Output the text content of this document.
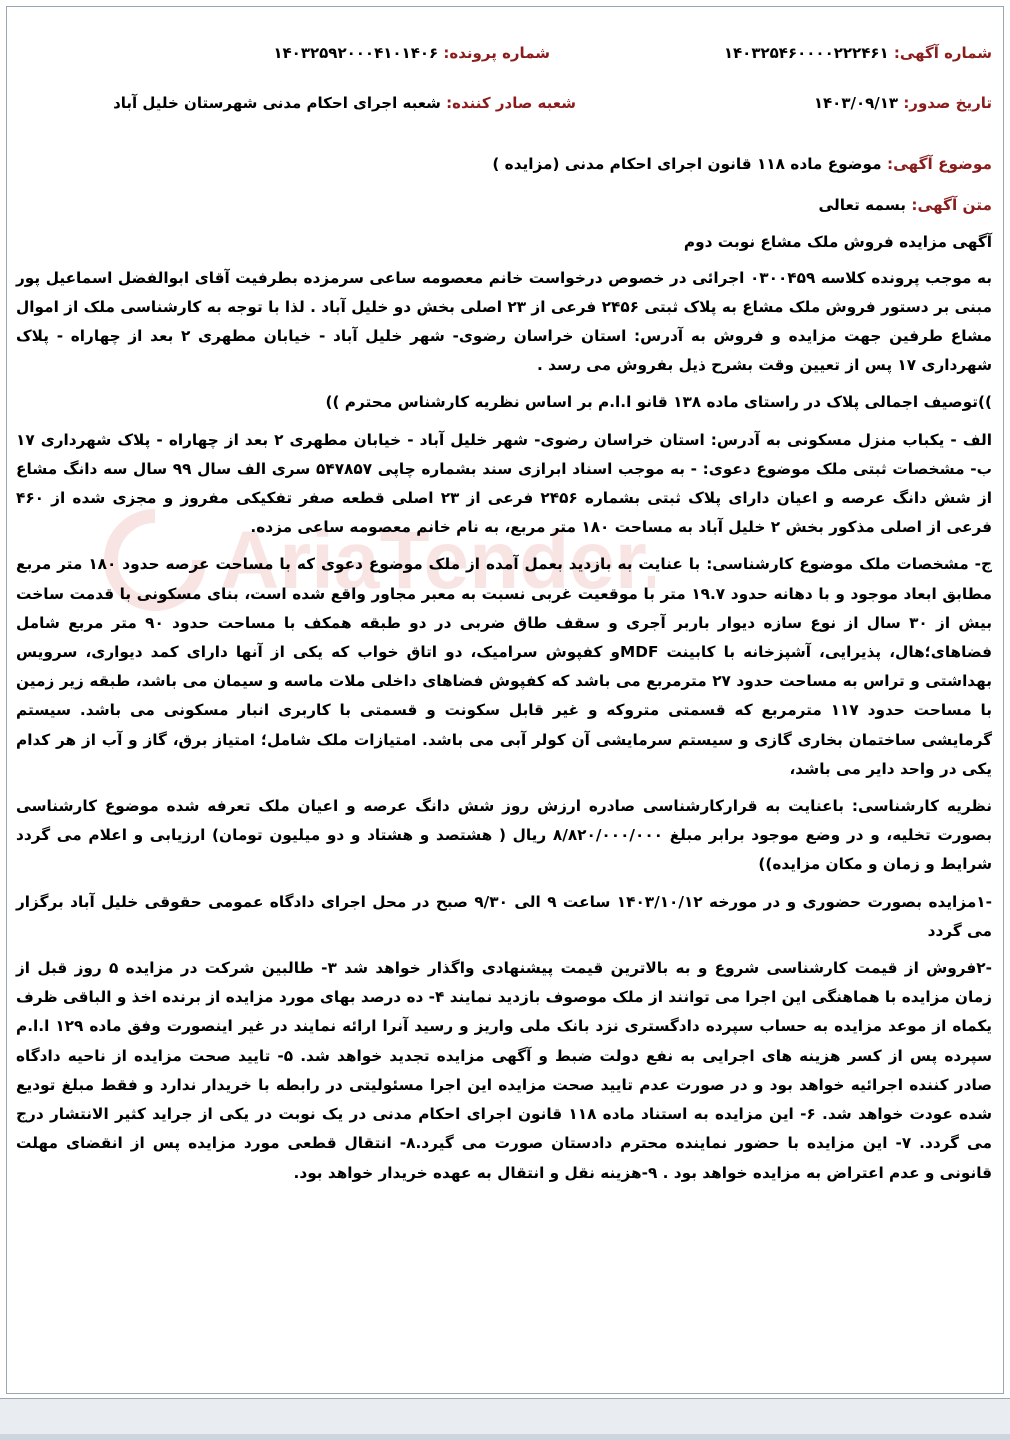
شماره آگهی: ۱۴۰۳۲۵۴۶۰۰۰۰۲۲۲۴۶۱
شماره پرونده: ۱۴۰۳۲۵۹۲۰۰۰۴۱۰۱۴۰۶
تاریخ صدور: ۱۴۰۳/۰۹/۱۳
شعبه صادر کننده: شعبه اجرای احکام مدنی شهرستان خلیل آباد

موضوع آگهی: موضوع ماده ۱۱۸ قانون اجرای احکام مدنی (مزایده )

متن آگهی: بسمه تعالی

آگهی مزایده فروش ملک مشاع نوبت دوم

به موجب پرونده کلاسه ۰۳۰۰۴۵۹ اجرائی در خصوص درخواست خانم معصومه ساعی سرمزده بطرفیت آقای ابوالفضل اسماعیل پور مبنی بر دستور فروش ملک مشاع به پلاک ثبتی ۲۴۵۶ فرعی از ۲۳ اصلی بخش دو خلیل آباد . لذا با توجه به کارشناسی ملک از اموال مشاع طرفین جهت مزایده و فروش به آدرس: استان خراسان رضوی- شهر خلیل آباد - خیابان مطهری ۲ بعد از چهاراه - پلاک شهرداری ۱۷ پس از تعیین وقت بشرح ذیل بفروش می رسد .

))توصیف اجمالی پلاک در راستای ماده ۱۳۸ قانو ا.ا.م بر اساس نظریه کارشناس محترم ))

الف - یکباب منزل مسکونی به آدرس: استان خراسان رضوی- شهر خلیل آباد - خیابان مطهری ۲ بعد از چهاراه - پلاک شهرداری ۱۷ ب- مشخصات ثبتی ملک موضوع دعوی: - به موجب اسناد ابرازی سند بشماره چاپی ۵۴۷۸۵۷ سری الف سال ۹۹ سال سه دانگ مشاع از شش دانگ عرصه و اعیان دارای پلاک ثبتی بشماره ۲۴۵۶ فرعی از ۲۳ اصلی قطعه صفر تفکیکی مفروز و مجزی شده از ۴۶۰ فرعی از اصلی مذکور بخش ۲ خلیل آباد به مساحت ۱۸۰ متر مربع، به نام خانم معصومه ساعی مزده.

ج- مشخصات ملک موضوع کارشناسی: با عنایت به بازدید بعمل آمده از ملک موضوع دعوی که با مساحت عرصه حدود ۱۸۰ متر مربع مطابق ابعاد موجود و با دهانه حدود ۱۹.۷ متر با موقعیت غربی نسبت به معبر مجاور واقع شده است، بنای مسکونی با قدمت ساخت بیش از ۳۰ سال از نوع سازه دیوار باربر آجری و سقف طاق ضربی در دو طبقه همکف با مساحت حدود ۹۰ متر مربع شامل فضاهای؛هال، پذیرایی، آشپزخانه با کابینت MDFو کفپوش سرامیک، دو اتاق خواب که یکی از آنها دارای کمد دیواری، سرویس بهداشتی و تراس به مساحت حدود ۲۷ مترمربع می باشد که کفپوش فضاهای داخلی ملات ماسه و سیمان می باشد، طبقه زیر زمین با مساحت حدود ۱۱۷ مترمربع که قسمتی متروکه و غیر قابل سکونت و قسمتی با کاربری انبار مسکونی می باشد. سیستم گرمایشی ساختمان بخاری گازی و سیستم سرمایشی آن کولر آبی می باشد. امتیازات ملک شامل؛ امتیاز برق، گاز و آب از هر کدام یکی در واحد دایر می باشد،

نظریه کارشناسی: باعنایت به قرارکارشناسی صادره ارزش روز شش دانگ عرصه و اعیان ملک تعرفه شده موضوع کارشناسی بصورت تخلیه، و در وضع موجود برابر مبلغ ۸/۸۲۰/۰۰۰/۰۰۰ ریال ( هشتصد و هشتاد و دو میلیون تومان) ارزیابی و اعلام می گردد شرایط و زمان و مکان مزایده))

-۱مزایده بصورت حضوری و در مورخه ۱۴۰۳/۱۰/۱۲ ساعت ۹ الی ۹/۳۰ صبح در محل اجرای دادگاه عمومی حقوقی خلیل آباد برگزار می گردد

-۲فروش از قیمت کارشناسی شروع و به بالاترین قیمت پیشنهادی واگذار خواهد شد ۳- طالبین شرکت در مزایده ۵ روز قبل از زمان مزایده با هماهنگی این اجرا می توانند از ملک موصوف بازدید نمایند ۴- ده درصد بهای مورد مزایده از برنده اخذ و الباقی ظرف یکماه از موعد مزایده به حساب سپرده دادگستری نزد بانک ملی واریز و رسید آنرا ارائه نمایند در غیر اینصورت وفق ماده ۱۲۹ ا.ا.م سپرده پس از کسر هزینه های اجرایی به نفع دولت ضبط و آگهی مزایده تجدید خواهد شد. ۵- تایید صحت مزایده از ناحیه دادگاه صادر کننده اجرائیه خواهد بود و در صورت عدم تایید صحت مزایده این اجرا مسئولیتی در رابطه با خریدار ندارد و فقط مبلغ تودیع شده عودت خواهد شد. ۶- این مزایده به استناد ماده ۱۱۸ قانون اجرای احکام مدنی در یک نوبت در یکی از جراید کثیر الانتشار درج می گردد. ۷- این مزایده با حضور نماینده محترم دادستان صورت می گیرد.۸- انتقال قطعی مورد مزایده پس از انقضای مهلت قانونی و عدم اعتراض به مزایده خواهد بود . ۹-هزینه نقل و انتقال به عهده خریدار خواهد بود.
